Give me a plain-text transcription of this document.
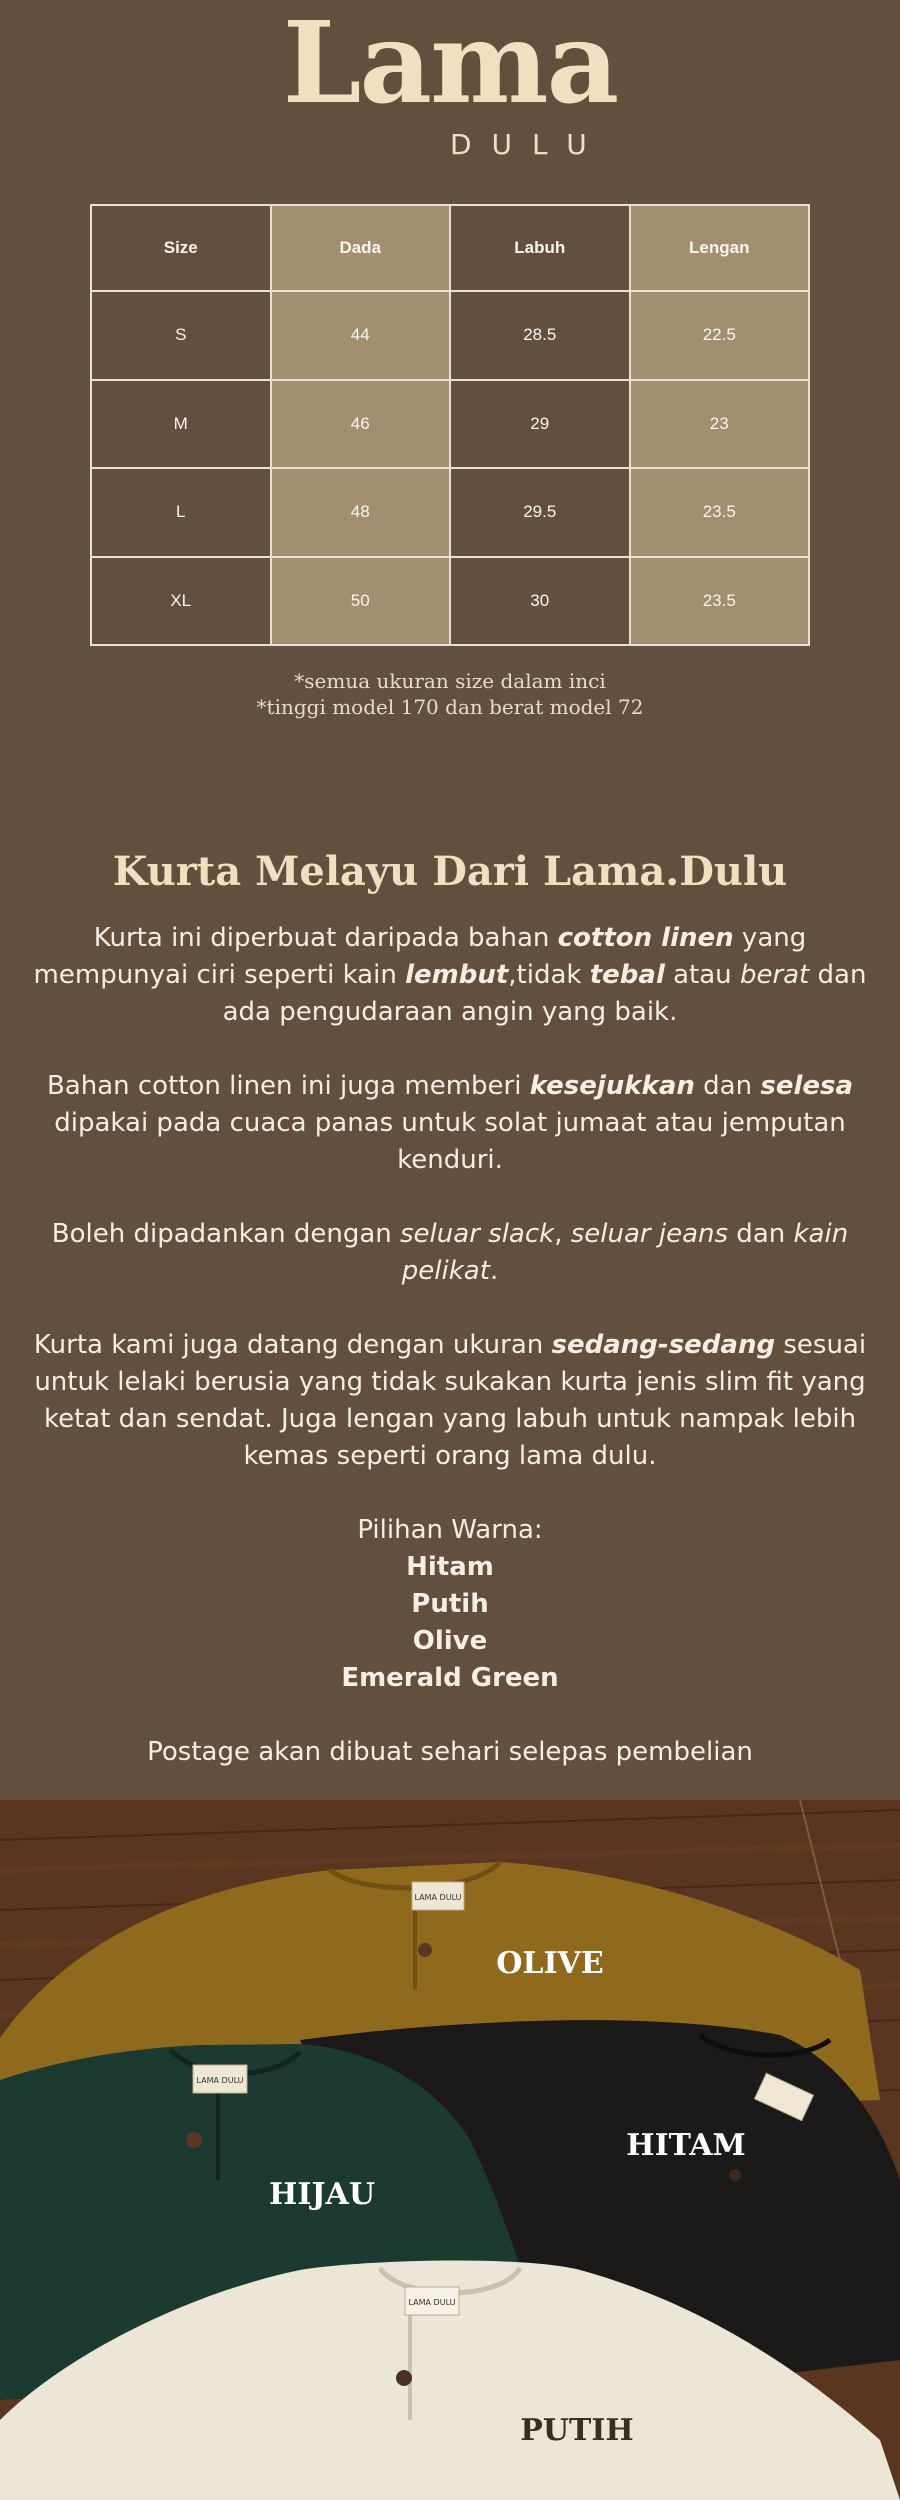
Lama
DULU
Size	Dada	Labuh	Lengan
S	44	28.5	22.5
M	46	29	23
L	48	29.5	23.5
XL	50	30	23.5
*semua ukuran size dalam inci
*tinggi model 170 dan berat model 72
Kurta Melayu Dari Lama.Dulu

Kurta ini diperbuat daripada bahan cotton linen yang mempunyai ciri seperti kain lembut,tidak tebal atau berat dan ada pengudaraan angin yang baik.

Bahan cotton linen ini juga memberi kesejukkan dan selesa dipakai pada cuaca panas untuk solat jumaat atau jemputan kenduri.

Boleh dipadankan dengan seluar slack, seluar jeans dan kain pelikat.

Kurta kami juga datang dengan ukuran sedang-sedang sesuai untuk lelaki berusia yang tidak sukakan kurta jenis slim fit yang ketat dan sendat. Juga lengan yang labuh untuk nampak lebih kemas seperti orang lama dulu.

Pilihan Warna:
Hitam
Putih
Olive
Emerald Green

Postage akan dibuat sehari selepas pembelian

LAMA DULU
OLIVE
HITAM
LAMA DULU
HIJAU
LAMA DULU
PUTIH
